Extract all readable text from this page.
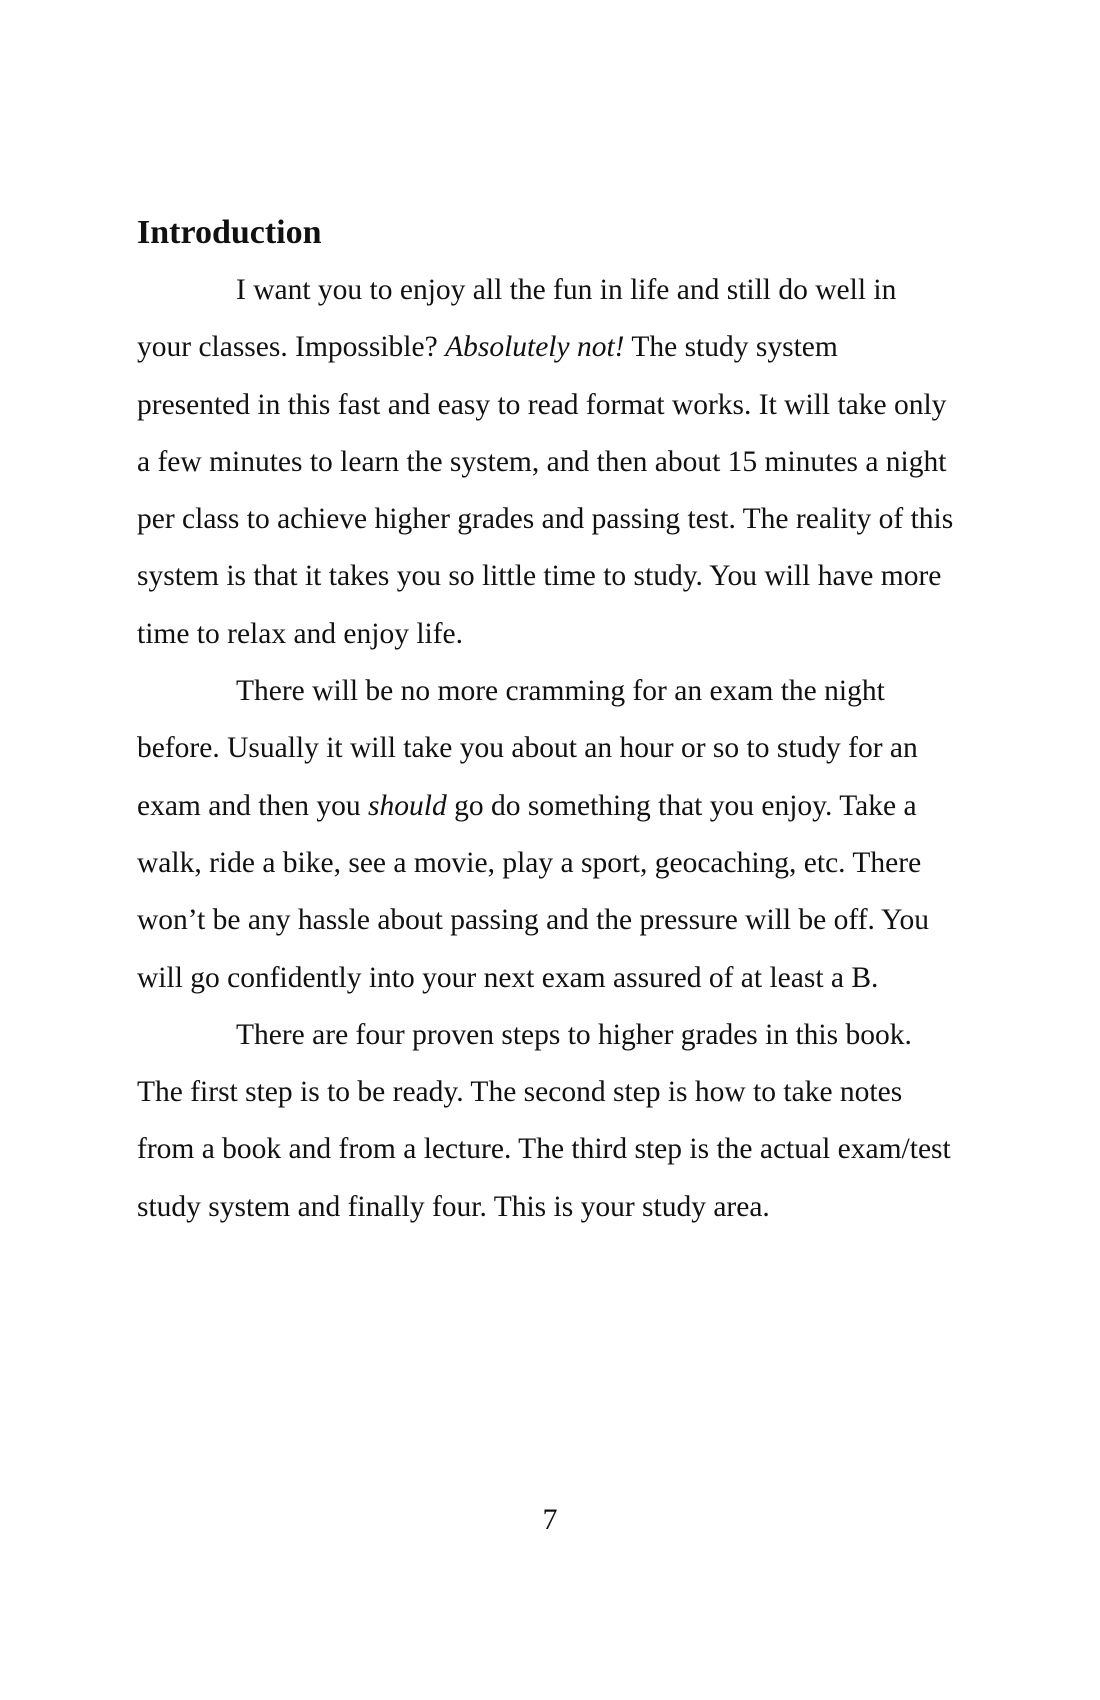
Introduction

I want you to enjoy all the fun in life and still do well in your classes. Impossible? Absolutely not! The study system presented in this fast and easy to read format works. It will take only a few minutes to learn the system, and then about 15 minutes a night per class to achieve higher grades and passing test. The reality of this system is that it takes you so little time to study. You will have more time to relax and enjoy life.

There will be no more cramming for an exam the night before. Usually it will take you about an hour or so to study for an exam and then you should go do something that you enjoy. Take a walk, ride a bike, see a movie, play a sport, geocaching, etc. There won’t be any hassle about passing and the pressure will be off. You will go confidently into your next exam assured of at least a B.

There are four proven steps to higher grades in this book. The first step is to be ready. The second step is how to take notes from a book and from a lecture. The third step is the actual exam/test study system and finally four. This is your study area.

7
